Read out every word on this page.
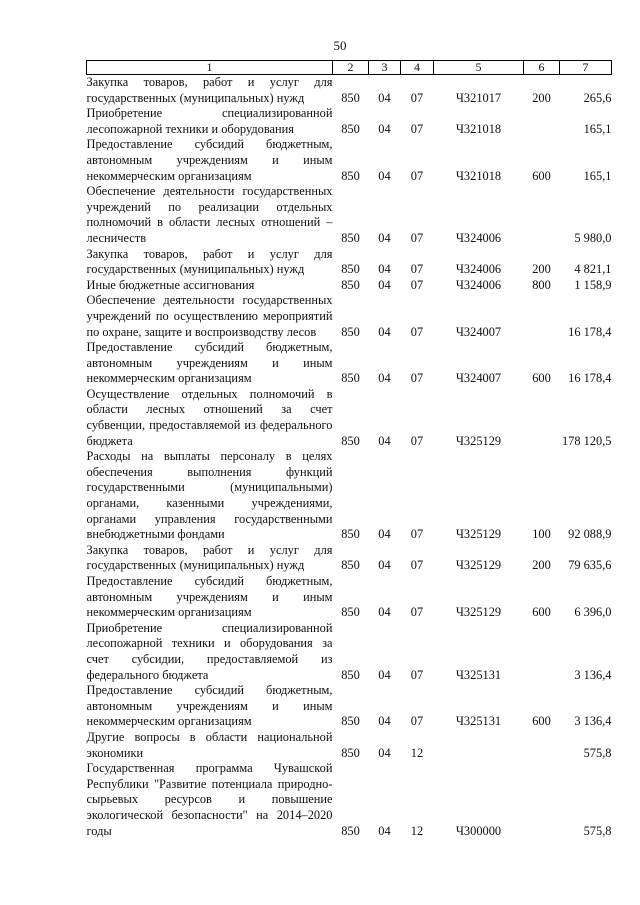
50
1	2	3	4	5	6	7
Закупка товаров, работ и услуг для государственных (муниципальных) нужд	850	04	07	Ч321017	200	265,6
Приобретение специализированной лесопожарной техники и оборудования	850	04	07	Ч321018		165,1
Предоставление субсидий бюджетным, автономным учреждениям и иным некоммерческим организациям	850	04	07	Ч321018	600	165,1
Обеспечение деятельности государственных учреждений по реализации отдельных полномочий в области лесных отношений – лесничеств	850	04	07	Ч324006		5 980,0
Закупка товаров, работ и услуг для государственных (муниципальных) нужд	850	04	07	Ч324006	200	4 821,1
Иные бюджетные ассигнования	850	04	07	Ч324006	800	1 158,9
Обеспечение деятельности государственных учреждений по осуществлению мероприятий по охране, защите и воспроизводству лесов	850	04	07	Ч324007		16 178,4
Предоставление субсидий бюджетным, автономным учреждениям и иным некоммерческим организациям	850	04	07	Ч324007	600	16 178,4
Осуществление отдельных полномочий в области лесных отношений за счет субвенции, предоставляемой из федерального бюджета	850	04	07	Ч325129		178 120,5
Расходы на выплаты персоналу в целях обеспечения выполнения функций государственными (муниципальными) органами, казенными учреждениями, органами управления государственными внебюджетными фондами	850	04	07	Ч325129	100	92 088,9
Закупка товаров, работ и услуг для государственных (муниципальных) нужд	850	04	07	Ч325129	200	79 635,6
Предоставление субсидий бюджетным, автономным учреждениям и иным некоммерческим организациям	850	04	07	Ч325129	600	6 396,0
Приобретение специализированной лесопожарной техники и оборудования за счет субсидии, предоставляемой из федерального бюджета	850	04	07	Ч325131		3 136,4
Предоставление субсидий бюджетным, автономным учреждениям и иным некоммерческим организациям	850	04	07	Ч325131	600	3 136,4
Другие вопросы в области национальной экономики	850	04	12			575,8
Государственная программа Чувашской Республики "Развитие потенциала природно-сырьевых ресурсов и повышение экологической безопасности" на 2014–2020 годы	850	04	12	Ч300000		575,8
